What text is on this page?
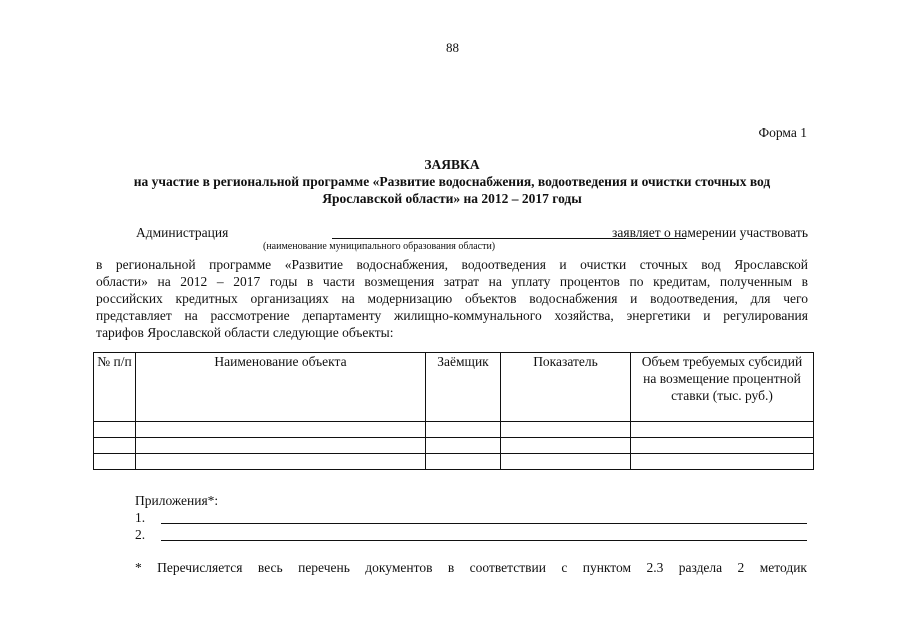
88
Форма 1
ЗАЯВКА
на участие в региональной программе «Развитие водоснабжения, водоотведения и очистки сточных вод
Ярославской области» на 2012 – 2017 годы
Администрация	заявляет о намерении участвовать
(наименование муниципального образования области)
в региональной программе «Развитие водоснабжения, водоотведения и очистки сточных вод Ярославской
области» на 2012 – 2017 годы в части возмещения затрат на уплату процентов по кредитам, полученным в
российских кредитных организациях на модернизацию объектов водоснабжения и водоотведения, для чего
представляет на рассмотрение департаменту жилищно-коммунального хозяйства, энергетики и регулирования
тарифов Ярославской области следующие объекты:
№ п/п	Наименование объекта	Заёмщик	Показатель	Объем требуемых субсидий на возмещение процентной ставки (тыс. руб.)

Приложения*:
1.
2.
* Перечисляется весь перечень документов в соответствии с пунктом 2.3 раздела 2 методик
